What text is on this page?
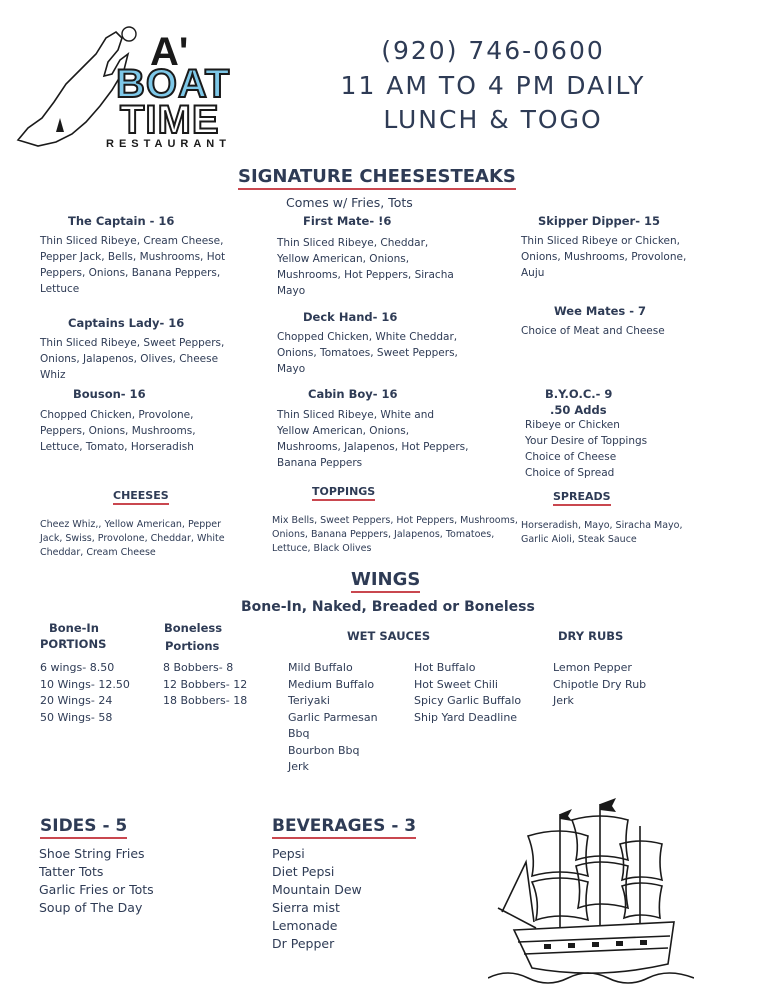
A'
BOAT
TIME
RESTAURANT
(920) 746-0600
11 AM TO 4 PM DAILY
LUNCH & TOGO
SIGNATURE CHEESESTEAKS
Comes w/ Fries, Tots
The Captain - 16
Thin Sliced Ribeye, Cream Cheese,
Pepper Jack, Bells, Mushrooms, Hot
Peppers, Onions, Banana Peppers,
Lettuce
First Mate- !6
Thin Sliced Ribeye, Cheddar,
Yellow American, Onions,
Mushrooms, Hot Peppers, Siracha
Mayo
Skipper Dipper- 15
Thin Sliced Ribeye or Chicken,
Onions, Mushrooms, Provolone,
Auju
Captains Lady- 16
Thin Sliced Ribeye, Sweet Peppers,
Onions, Jalapenos, Olives, Cheese
Whiz
Deck Hand- 16
Chopped Chicken, White Cheddar,
Onions, Tomatoes, Sweet Peppers,
Mayo
Wee Mates - 7
Choice of Meat and Cheese
Bouson- 16
Chopped Chicken, Provolone,
Peppers, Onions, Mushrooms,
Lettuce, Tomato, Horseradish
Cabin Boy- 16
Thin Sliced Ribeye, White and
Yellow American, Onions,
Mushrooms, Jalapenos, Hot Peppers,
Banana Peppers
B.Y.O.C.- 9
.50 Adds
Ribeye or Chicken
Your Desire of Toppings
Choice of Cheese
Choice of Spread
CHEESES
Cheez Whiz,, Yellow American, Pepper
Jack, Swiss, Provolone, Cheddar, White
Cheddar, Cream Cheese
TOPPINGS
Mix Bells, Sweet Peppers, Hot Peppers, Mushrooms,
Onions, Banana Peppers, Jalapenos, Tomatoes,
Lettuce, Black Olives
SPREADS
Horseradish, Mayo, Siracha Mayo,
Garlic Aioli, Steak Sauce
WINGS
Bone-In, Naked, Breaded or Boneless
Bone-In
PORTIONS
6 wings- 8.50
10 Wings- 12.50
20 Wings- 24
50 Wings- 58
Boneless
Portions
8 Bobbers- 8
12 Bobbers- 12
18 Bobbers- 18
WET SAUCES
Mild Buffalo
Medium Buffalo
Teriyaki
Garlic Parmesan
Bbq
Bourbon Bbq
Jerk
Hot Buffalo
Hot Sweet Chili
Spicy Garlic Buffalo
Ship Yard Deadline
DRY RUBS
Lemon Pepper
Chipotle Dry Rub
Jerk
SIDES - 5
Shoe String Fries
Tatter Tots
Garlic Fries or Tots
Soup of The Day
BEVERAGES - 3
Pepsi
Diet Pepsi
Mountain Dew
Sierra mist
Lemonade
Dr Pepper
